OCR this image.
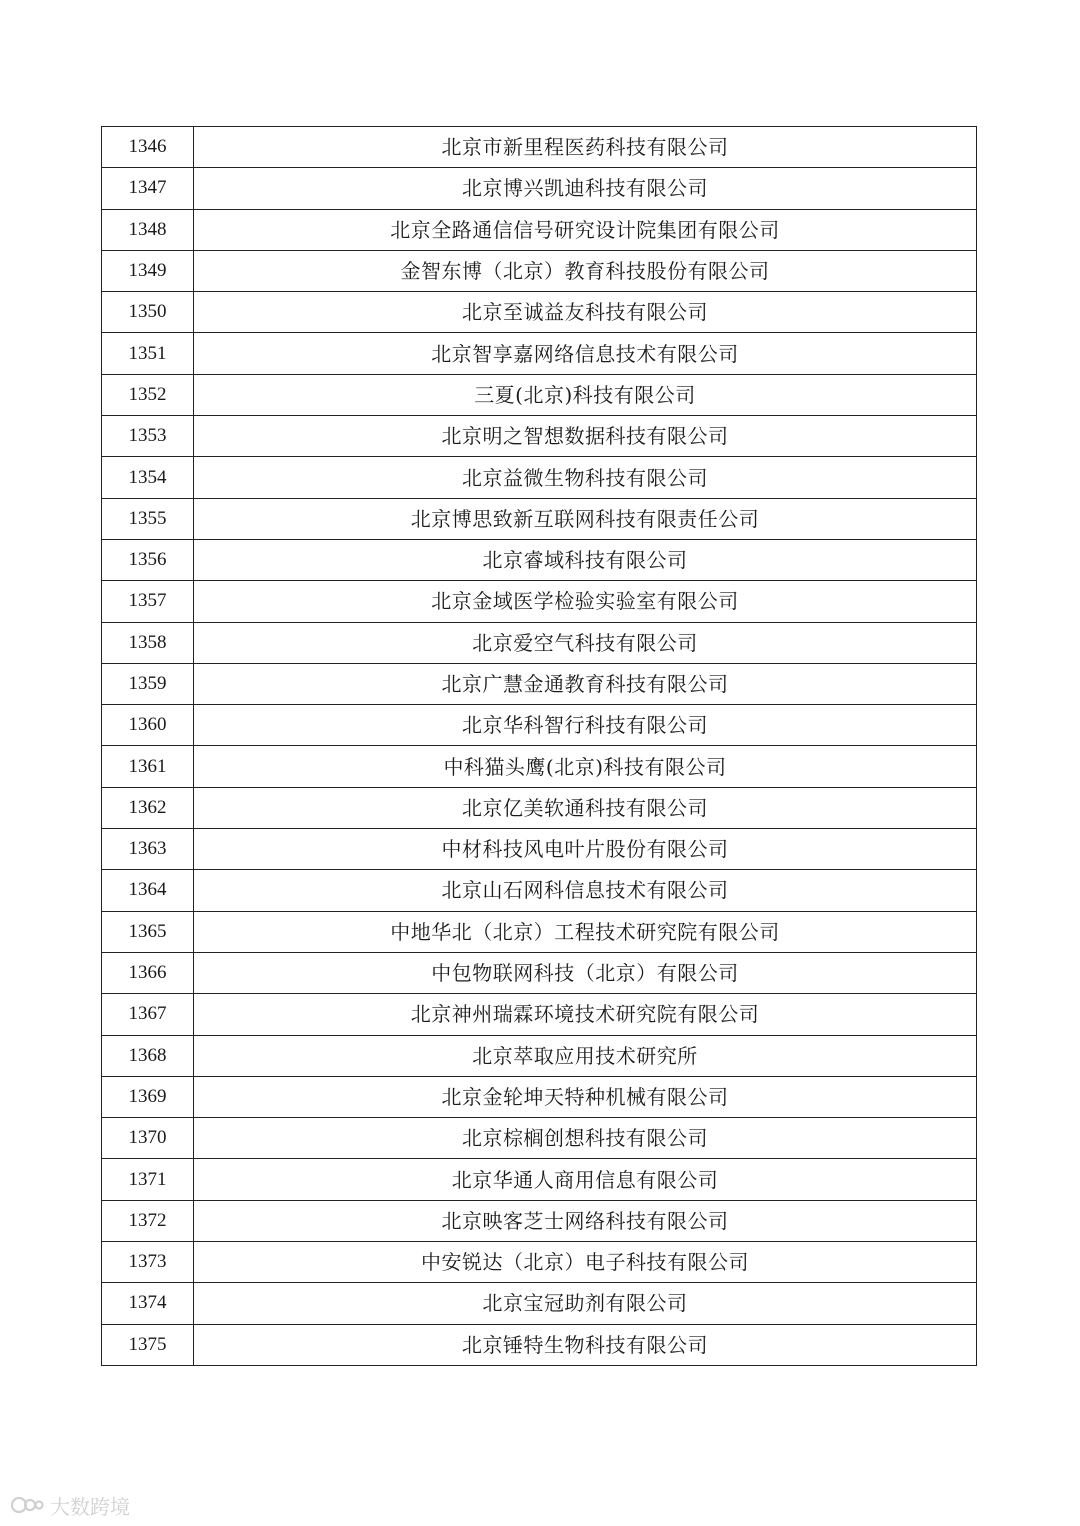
1346	北京市新里程医药科技有限公司
1347	北京博兴凯迪科技有限公司
1348	北京全路通信信号研究设计院集团有限公司
1349	金智东博（北京）教育科技股份有限公司
1350	北京至诚益友科技有限公司
1351	北京智享嘉网络信息技术有限公司
1352	三夏(北京)科技有限公司
1353	北京明之智想数据科技有限公司
1354	北京益微生物科技有限公司
1355	北京博思致新互联网科技有限责任公司
1356	北京睿域科技有限公司
1357	北京金域医学检验实验室有限公司
1358	北京爱空气科技有限公司
1359	北京广慧金通教育科技有限公司
1360	北京华科智行科技有限公司
1361	中科猫头鹰(北京)科技有限公司
1362	北京亿美软通科技有限公司
1363	中材科技风电叶片股份有限公司
1364	北京山石网科信息技术有限公司
1365	中地华北（北京）工程技术研究院有限公司
1366	中包物联网科技（北京）有限公司
1367	北京神州瑞霖环境技术研究院有限公司
1368	北京萃取应用技术研究所
1369	北京金轮坤天特种机械有限公司
1370	北京棕榈创想科技有限公司
1371	北京华通人商用信息有限公司
1372	北京映客芝士网络科技有限公司
1373	中安锐达（北京）电子科技有限公司
1374	北京宝冠助剂有限公司
1375	北京锤特生物科技有限公司
大数跨境
